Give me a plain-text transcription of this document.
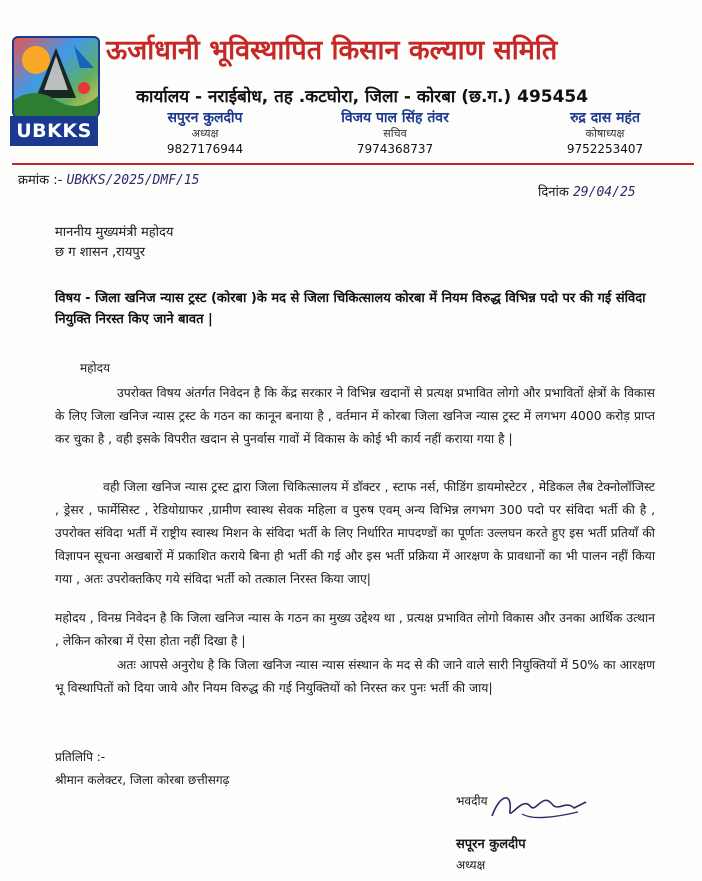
UBKKS
ऊर्जाधानी भूविस्थापित किसान कल्याण समिति
कार्यालय - नराईबोध, तह .कटघोरा, जिला - कोरबा (छ.ग.) 495454
सपुरन कुलदीप
अध्यक्ष
9827176944
विजय पाल सिंह तंवर
सचिव
7974368737
रुद्र दास महंत
कोषाध्यक्ष
9752253407
क्रमांक :- UBKKS/2025/DMF/15
दिनांक 29/04/25
माननीय मुख्यमंत्री महोदय
छ ग शासन ,रायपुर
विषय - जिला खनिज न्यास ट्रस्ट (कोरबा )के मद से जिला चिकित्सालय कोरबा में नियम विरुद्ध विभिन्न पदो पर की गई संविदा नियुक्ति निरस्त किए जाने बावत |
महोदय
उपरोक्त विषय अंतर्गत निवेदन है कि केंद्र सरकार ने विभिन्न खदानों से प्रत्यक्ष प्रभावित लोगो और प्रभावितों क्षेत्रों के विकास के लिए जिला खनिज न्यास ट्रस्ट के गठन का कानून बनाया है , वर्तमान में कोरबा जिला खनिज न्यास ट्रस्ट में लगभग 4000 करोड़ प्राप्त कर चुका है , वही इसके विपरीत खदान से पुनर्वास गावों में विकास के कोई भी कार्य नहीं कराया गया है |
वही जिला खनिज न्यास ट्रस्ट द्वारा जिला चिकित्सालय में डॉक्टर , स्टाफ नर्स, फीडिंग डायमोस्टेटर , मेडिकल लैब टेक्नोलॉजिस्ट , ड्रेसर , फार्मेसिस्ट , रेडियोग्राफर ,ग्रामीण स्वास्थ सेवक महिला व पुरुष एवम् अन्य विभिन्न लगभग 300 पदो पर संविदा भर्ती की है , उपरोक्त संविदा भर्ती में राष्ट्रीय स्वास्थ मिशन के संविदा भर्ती के लिए निर्धारित मापदण्डों का पूर्णतः उल्लघन करते हुए इस भर्ती प्रतियाँ की विज्ञापन सूचना अखबारों में प्रकाशित कराये बिना ही भर्ती की गई और इस भर्ती प्रक्रिया में आरक्षण के प्रावधानों का भी पालन नहीं किया गया , अतः उपरोक्तकिए गये संविदा भर्ती को तत्काल निरस्त किया जाए|
महोदय , विनम्र निवेदन है कि जिला खनिज न्यास के गठन का मुख्य उद्देश्य था , प्रत्यक्ष प्रभावित लोगो विकास और उनका आर्थिक उत्थान , लेकिन कोरबा में ऐसा होता नहीं दिखा है |
अतः आपसे अनुरोध है कि जिला खनिज न्यास न्यास संस्थान के मद से की जाने वाले सारी नियुक्तियों में 50% का आरक्षण भू विस्थापितों को दिया जाये और नियम विरुद्ध की गई नियुक्तियों को निरस्त कर पुनः भर्ती की जाय|
प्रतिलिपि :-
श्रीमान कलेक्टर, जिला कोरबा छत्तीसगढ़
भवदीय
सपूरन कुलदीप
अध्यक्ष
